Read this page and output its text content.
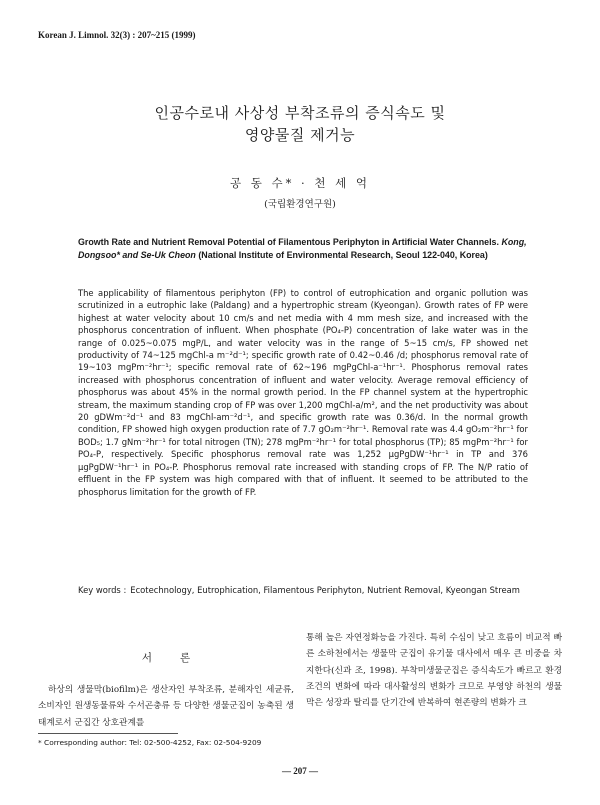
Korean J. Limnol. 32(3) : 207~215 (1999)
인공수로내 사상성 부착조류의 증식속도 및
영양물질 제거능
공 동 수* · 천 세 억
(국립환경연구원)
Growth Rate and Nutrient Removal Potential of Filamentous Periphyton in Artificial Water Channels. Kong, Dongsoo* and Se-Uk Cheon (National Institute of Environmental Research, Seoul 122-040, Korea)
The applicability of filamentous periphyton (FP) to control of eutrophication and organic pollution was scrutinized in a eutrophic lake (Paldang) and a hypertrophic stream (Kyeongan). Growth rates of FP were highest at water velocity about 10 cm/s and net media with 4 mm mesh size, and increased with the phosphorus concentration of influent. When phosphate (PO₄-P) concentration of lake water was in the range of 0.025~0.075 mgP/L, and water velocity was in the range of 5~15 cm/s, FP showed net productivity of 74~125 mgChl-a m⁻²d⁻¹; specific growth rate of 0.42~0.46 /d; phosphorus removal rate of 19~103 mgPm⁻²hr⁻¹; specific removal rate of 62~196 mgPgChl-a⁻¹hr⁻¹. Phosphorus removal rates increased with phosphorus concentration of influent and water velocity. Average removal efficiency of phosphorus was about 45% in the normal growth period. In the FP channel system at the hypertrophic stream, the maximum standing crop of FP was over 1,200 mgChl-a/m², and the net productivity was about 20 gDWm⁻²d⁻¹ and 83 mgChl-am⁻²d⁻¹, and specific growth rate was 0.36/d. In the normal growth condition, FP showed high oxygen production rate of 7.7 gO₂m⁻²hr⁻¹. Removal rate was 4.4 gO₂m⁻²hr⁻¹ for BOD₅; 1.7 gNm⁻²hr⁻¹ for total nitrogen (TN); 278 mgPm⁻²hr⁻¹ for total phosphorus (TP); 85 mgPm⁻²hr⁻¹ for PO₄-P, respectively. Specific phosphorus removal rate was 1,252 μgPgDW⁻¹hr⁻¹ in TP and 376 μgPgDW⁻¹hr⁻¹ in PO₄-P. Phosphorus removal rate increased with standing crops of FP. The N/P ratio of effluent in the FP system was high compared with that of influent. It seemed to be attributed to the phosphorus limitation for the growth of FP.
Key words : Ecotechnology, Eutrophication, Filamentous Periphyton, Nutrient Removal, Kyeongan Stream
서론
하상의 생물막(biofilm)은 생산자인 부착조류, 분해자인 세균류, 소비자인 원생동물류와 수서곤충류 등 다양한 생물군집이 농축된 생태계로서 군집간 상호관계를
통해 높은 자연정화능을 가진다. 특히 수심이 낮고 흐름이 비교적 빠른 소하천에서는 생물막 군집이 유기물 대사에서 매우 큰 비중을 차지한다(신과 조, 1998). 부착미생물군집은 증식속도가 빠르고 환경조건의 변화에 따라 대사활성의 변화가 크므로 부영양 하천의 생물막은 성장과 탈리를 단기간에 반복하여 현존량의 변화가 크
* Corresponding author: Tel: 02-500-4252, Fax: 02-504-9209
— 207 —
